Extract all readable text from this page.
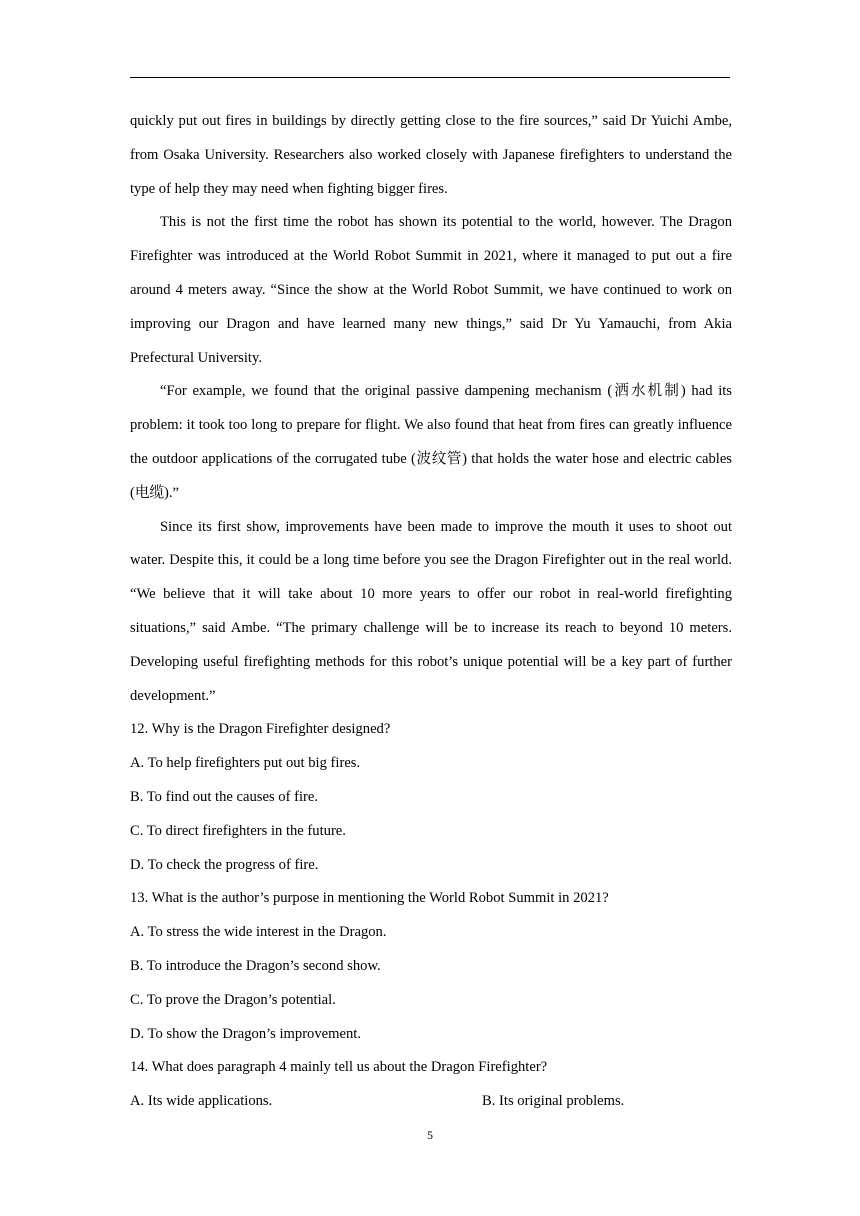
quickly put out fires in buildings by directly getting close to the fire sources,” said Dr Yuichi Ambe, from Osaka University. Researchers also worked closely with Japanese firefighters to understand the type of help they may need when fighting bigger fires.

This is not the first time the robot has shown its potential to the world, however. The Dragon Firefighter was introduced at the World Robot Summit in 2021, where it managed to put out a fire around 4 meters away. “Since the show at the World Robot Summit, we have continued to work on improving our Dragon and have learned many new things,” said Dr Yu Yamauchi, from Akia Prefectural University.

“For example, we found that the original passive dampening mechanism (洒水机制) had its problem: it took too long to prepare for flight. We also found that heat from fires can greatly influence the outdoor applications of the corrugated tube (波纹管) that holds the water hose and electric cables (电缆).”

Since its first show, improvements have been made to improve the mouth it uses to shoot out water. Despite this, it could be a long time before you see the Dragon Firefighter out in the real world. “We believe that it will take about 10 more years to offer our robot in real-world firefighting situations,” said Ambe. “The primary challenge will be to increase its reach to beyond 10 meters. Developing useful firefighting methods for this robot’s unique potential will be a key part of further development.”

12. Why is the Dragon Firefighter designed?

A. To help firefighters put out big fires.

B. To find out the causes of fire.

C. To direct firefighters in the future.

D. To check the progress of fire.

13. What is the author’s purpose in mentioning the World Robot Summit in 2021?

A. To stress the wide interest in the Dragon.

B. To introduce the Dragon’s second show.

C. To prove the Dragon’s potential.

D. To show the Dragon’s improvement.

14. What does paragraph 4 mainly tell us about the Dragon Firefighter?

A. Its wide applications.	B. Its original problems.
5
